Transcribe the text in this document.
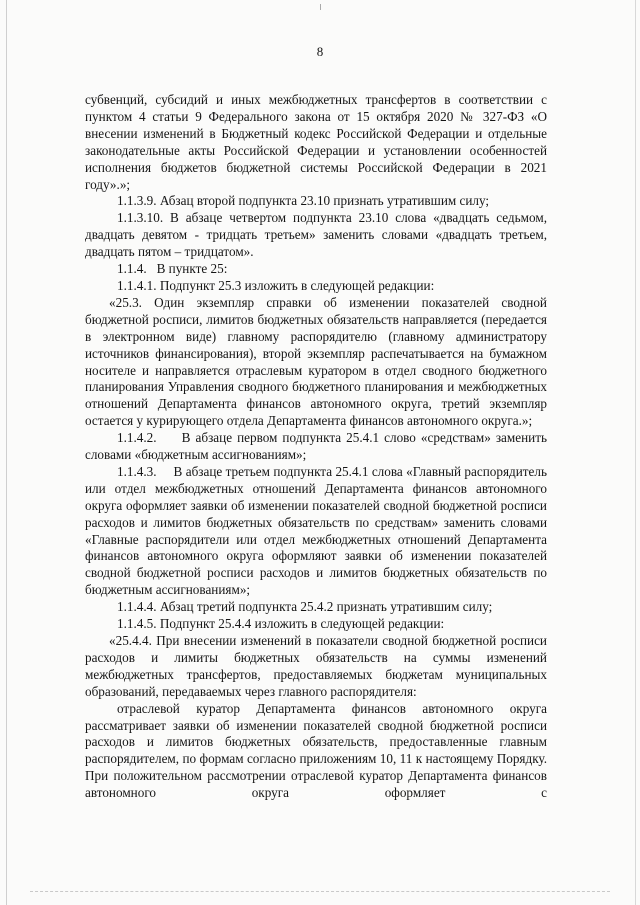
8

субвенций, субсидий и иных межбюджетных трансфертов в соответствии с пунктом 4 статьи 9 Федерального закона от 15 октября 2020 № 327-ФЗ «О внесении изменений в Бюджетный кодекс Российской Федерации и отдельные законодательные акты Российской Федерации и установлении особенностей исполнения бюджетов бюджетной системы Российской Федерации в 2021 году».»;

1.1.3.9. Абзац второй подпункта 23.10 признать утратившим силу;

1.1.3.10. В абзаце четвертом подпункта 23.10 слова «двадцать седьмом, двадцать девятом - тридцать третьем» заменить словами «двадцать третьем, двадцать пятом – тридцатом».

1.1.4.   В пункте 25:

1.1.4.1. Подпункт 25.3 изложить в следующей редакции:

«25.3. Один экземпляр справки об изменении показателей сводной бюджетной росписи, лимитов бюджетных обязательств направляется (передается в электронном виде) главному распорядителю (главному администратору источников финансирования), второй экземпляр распечатывается на бумажном носителе и направляется отраслевым куратором в отдел сводного бюджетного планирования Управления сводного бюджетного планирования и межбюджетных отношений Департамента финансов автономного округа, третий экземпляр остается у курирующего отдела Департамента финансов автономного округа.»;

1.1.4.2.     В абзаце первом подпункта 25.4.1 слово «средствам» заменить словами «бюджетным ассигнованиям»;

1.1.4.3.     В абзаце третьем подпункта 25.4.1 слова «Главный распорядитель или отдел межбюджетных отношений Департамента финансов автономного округа оформляет заявки об изменении показателей сводной бюджетной росписи расходов и лимитов бюджетных обязательств по средствам» заменить словами «Главные распорядители или отдел межбюджетных отношений Департамента финансов автономного округа оформляют заявки об изменении показателей сводной бюджетной росписи расходов и лимитов бюджетных обязательств по бюджетным ассигнованиям»;

1.1.4.4. Абзац третий подпункта 25.4.2 признать утратившим силу;

1.1.4.5. Подпункт 25.4.4 изложить в следующей редакции:

«25.4.4. При внесении изменений в показатели сводной бюджетной росписи расходов и лимиты бюджетных обязательств на суммы изменений межбюджетных трансфертов, предоставляемых бюджетам муниципальных образований, передаваемых через главного распорядителя:

отраслевой куратор Департамента финансов автономного округа рассматривает заявки об изменении показателей сводной бюджетной росписи расходов и лимитов бюджетных обязательств, предоставленные главным распорядителем, по формам согласно приложениям 10, 11 к настоящему Порядку. При положительном рассмотрении отраслевой куратор Департамента финансов автономного округа оформляет с
